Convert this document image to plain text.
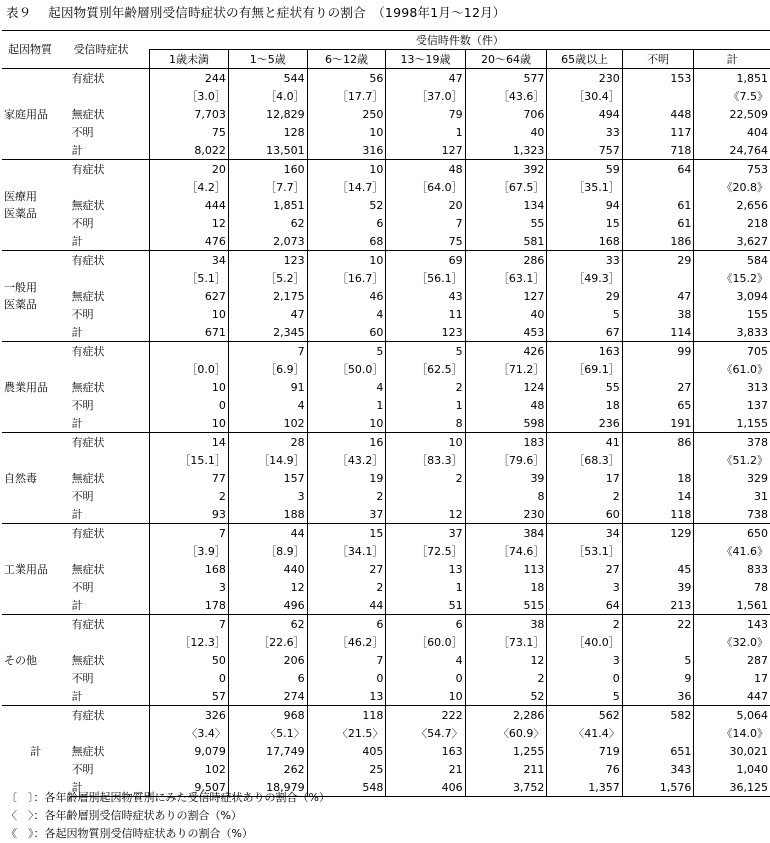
表９　 起因物質別年齢層別受信時症状の有無と症状有りの割合　（1998年1月～12月）
起因物質	受信時症状	受信時件数（件）							
		1歳未満	1～5歳	6～12歳	13～19歳	20～64歳	65歳以上	不明	計
家庭用品	有症状	244	544	56	47	577	230	153	1,851
		［3.0］	［4.0］	［17.7］	［37.0］	［43.6］	［30.4］		《7.5》
	無症状	7,703	12,829	250	79	706	494	448	22,509
	不明	75	128	10	1	40	33	117	404
	計	8,022	13,501	316	127	1,323	757	718	24,764
医療用
医薬品	有症状	20	160	10	48	392	59	64	753
		［4.2］	［7.7］	［14.7］	［64.0］	［67.5］	［35.1］		《20.8》
	無症状	444	1,851	52	20	134	94	61	2,656
	不明	12	62	6	7	55	15	61	218
	計	476	2,073	68	75	581	168	186	3,627
一般用
医薬品	有症状	34	123	10	69	286	33	29	584
		［5.1］	［5.2］	［16.7］	［56.1］	［63.1］	［49.3］		《15.2》
	無症状	627	2,175	46	43	127	29	47	3,094
	不明	10	47	4	11	40	5	38	155
	計	671	2,345	60	123	453	67	114	3,833
農業用品	有症状		7	5	5	426	163	99	705
		［0.0］	［6.9］	［50.0］	［62.5］	［71.2］	［69.1］		《61.0》
	無症状	10	91	4	2	124	55	27	313
	不明	0	4	1	1	48	18	65	137
	計	10	102	10	8	598	236	191	1,155
自然毒	有症状	14	28	16	10	183	41	86	378
		［15.1］	［14.9］	［43.2］	［83.3］	［79.6］	［68.3］		《51.2》
	無症状	77	157	19	2	39	17	18	329
	不明	2	3	2		8	2	14	31
	計	93	188	37	12	230	60	118	738
工業用品	有症状	7	44	15	37	384	34	129	650
		［3.9］	［8.9］	［34.1］	［72.5］	［74.6］	［53.1］		《41.6》
	無症状	168	440	27	13	113	27	45	833
	不明	3	12	2	1	18	3	39	78
	計	178	496	44	51	515	64	213	1,561
その他	有症状	7	62	6	6	38	2	22	143
		［12.3］	［22.6］	［46.2］	［60.0］	［73.1］	［40.0］		《32.0》
	無症状	50	206	7	4	12	3	5	287
	不明	0	6	0	0	2	0	9	17
	計	57	274	13	10	52	5	36	447
計	有症状	326	968	118	222	2,286	562	582	5,064
		〈3.4〉	〈5.1〉	〈21.5〉	〈54.7〉	〈60.9〉	〈41.4〉		《14.0》
	無症状	9,079	17,749	405	163	1,255	719	651	30,021
	不明	102	262	25	21	211	76	343	1,040
	計	9,507	18,979	548	406	3,752	1,357	1,576	36,125
〔　〕：各年齢層別起因物質別にみた受信時症状ありの割合（%）
〈　〉：各年齢層別受信時症状ありの割合（%）
《　》：各起因物質別受信時症状ありの割合（%）
